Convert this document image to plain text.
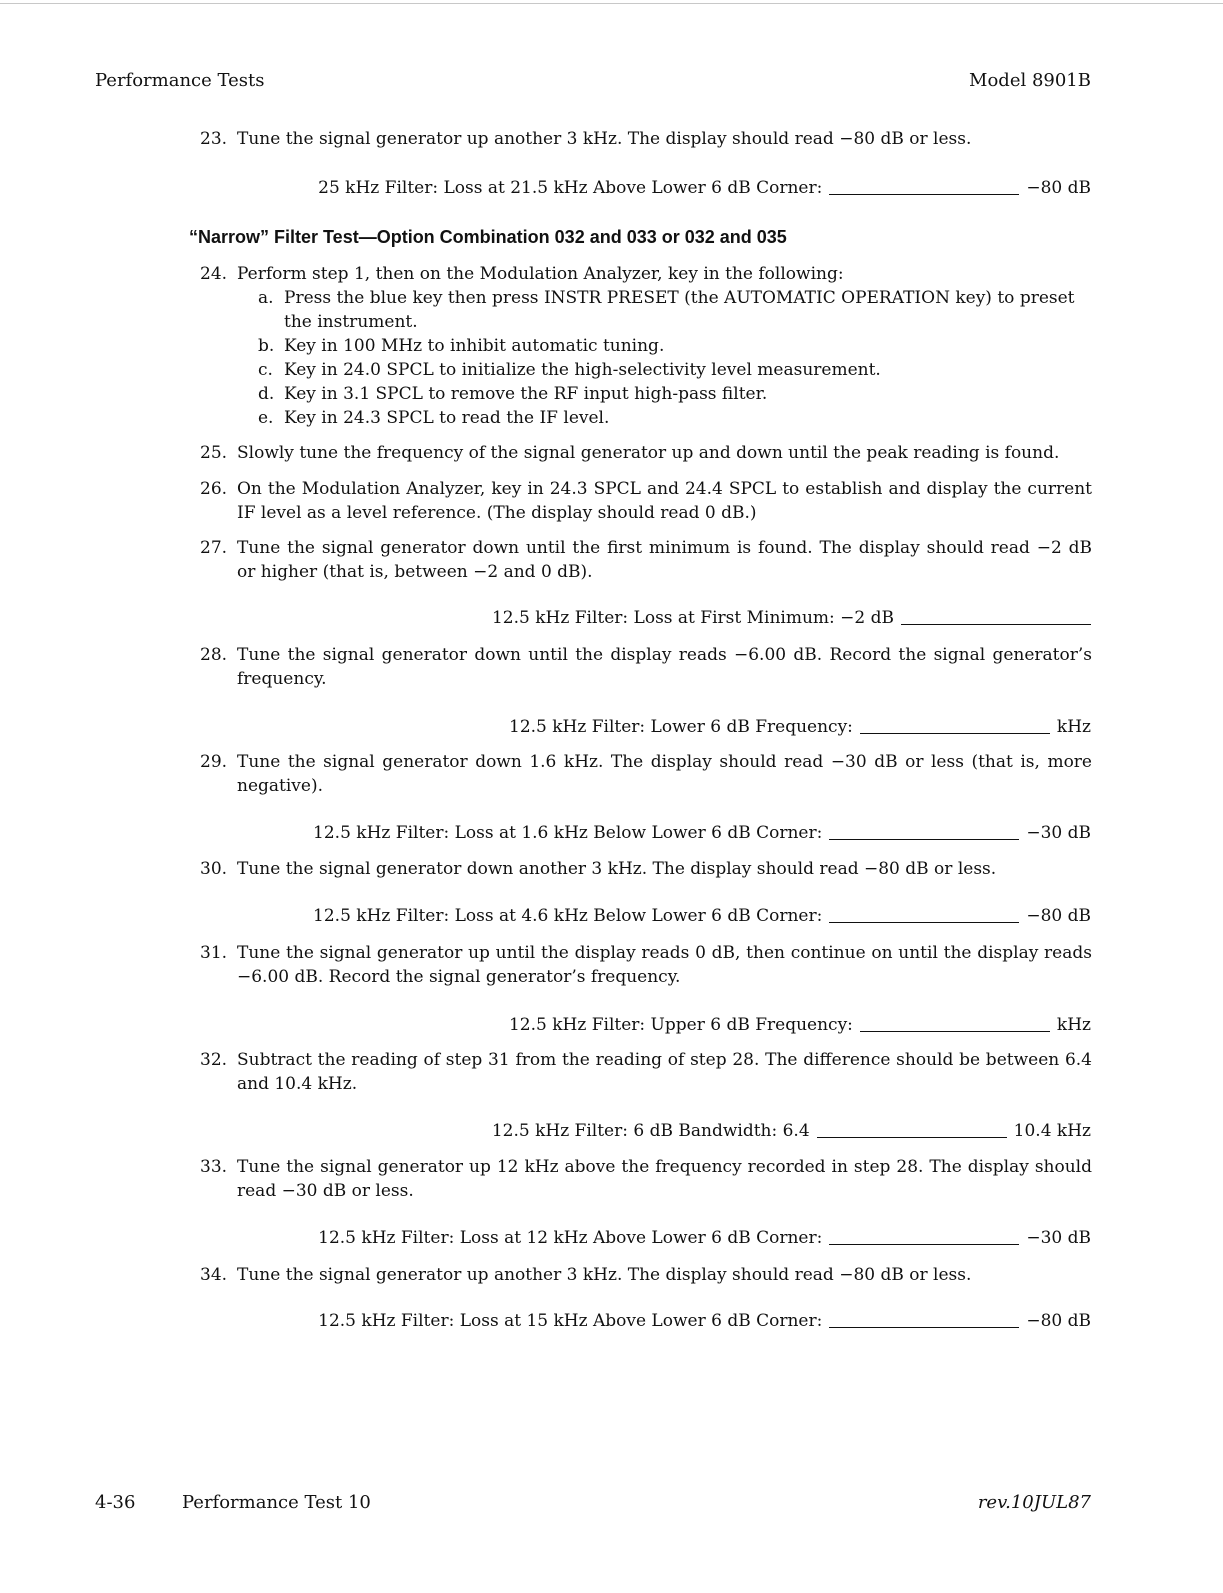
Performance Tests	Model 8901B
23. Tune the signal generator up another 3 kHz. The display should read −80 dB or less.
25 kHz Filter: Loss at 21.5 kHz Above Lower 6 dB Corner:	−80 dB
“Narrow” Filter Test—Option Combination 032 and 033 or 032 and 035
24. Perform step 1, then on the Modulation Analyzer, key in the following:
a. Press the blue key then press INSTR PRESET (the AUTOMATIC OPERATION key) to preset the instrument.
b. Key in 100 MHz to inhibit automatic tuning.
c. Key in 24.0 SPCL to initialize the high-selectivity level measurement.
d. Key in 3.1 SPCL to remove the RF input high-pass filter.
e. Key in 24.3 SPCL to read the IF level.
25. Slowly tune the frequency of the signal generator up and down until the peak reading is found.
26. On the Modulation Analyzer, key in 24.3 SPCL and 24.4 SPCL to establish and display the current IF level as a level reference. (The display should read 0 dB.)
27. Tune the signal generator down until the first minimum is found. The display should read −2 dB or higher (that is, between −2 and 0 dB).
12.5 kHz Filter: Loss at First Minimum: −2 dB
28. Tune the signal generator down until the display reads −6.00 dB. Record the signal generator’s frequency.
12.5 kHz Filter: Lower 6 dB Frequency:	kHz
29. Tune the signal generator down 1.6 kHz. The display should read −30 dB or less (that is, more negative).
12.5 kHz Filter: Loss at 1.6 kHz Below Lower 6 dB Corner:	−30 dB
30. Tune the signal generator down another 3 kHz. The display should read −80 dB or less.
12.5 kHz Filter: Loss at 4.6 kHz Below Lower 6 dB Corner:	−80 dB
31. Tune the signal generator up until the display reads 0 dB, then continue on until the display reads −6.00 dB. Record the signal generator’s frequency.
12.5 kHz Filter: Upper 6 dB Frequency:	kHz
32. Subtract the reading of step 31 from the reading of step 28. The difference should be between 6.4 and 10.4 kHz.
12.5 kHz Filter: 6 dB Bandwidth: 6.4	10.4 kHz
33. Tune the signal generator up 12 kHz above the frequency recorded in step 28. The display should read −30 dB or less.
12.5 kHz Filter: Loss at 12 kHz Above Lower 6 dB Corner:	−30 dB
34. Tune the signal generator up another 3 kHz. The display should read −80 dB or less.
12.5 kHz Filter: Loss at 15 kHz Above Lower 6 dB Corner:	−80 dB
4-36	Performance Test 10	rev.10JUL87
